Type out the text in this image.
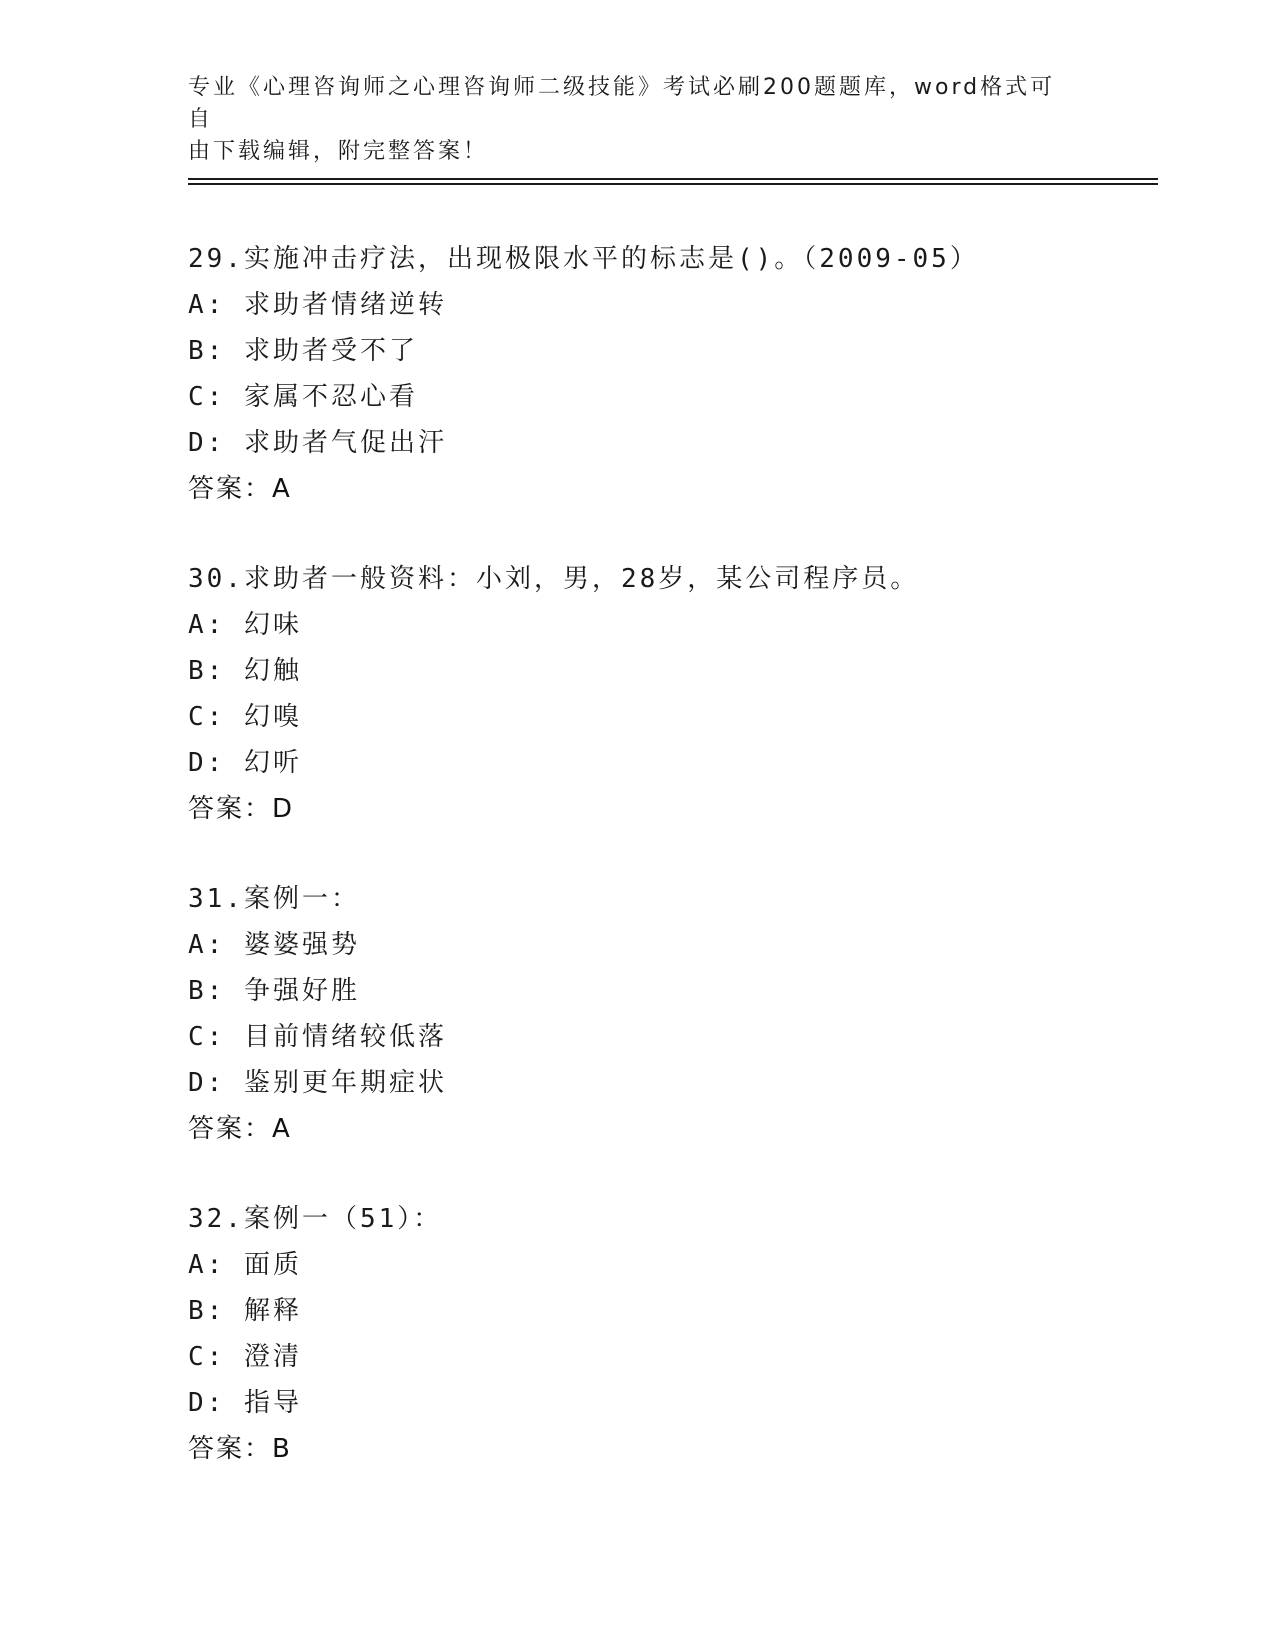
专业《心理咨询师之心理咨询师二级技能》考试必刷200题题库，word格式可自
由下载编辑，附完整答案！
29.实施冲击疗法，出现极限水平的标志是()。（2009-05）
A: 求助者情绪逆转
B: 求助者受不了
C: 家属不忍心看
D: 求助者气促出汗
答案：A
30.求助者一般资料：小刘，男，28岁，某公司程序员。
A: 幻味
B: 幻触
C: 幻嗅
D: 幻听
答案：D
31.案例一：
A: 婆婆强势
B: 争强好胜
C: 目前情绪较低落
D: 鉴别更年期症状
答案：A
32.案例一（51）：
A: 面质
B: 解释
C: 澄清
D: 指导
答案：B
